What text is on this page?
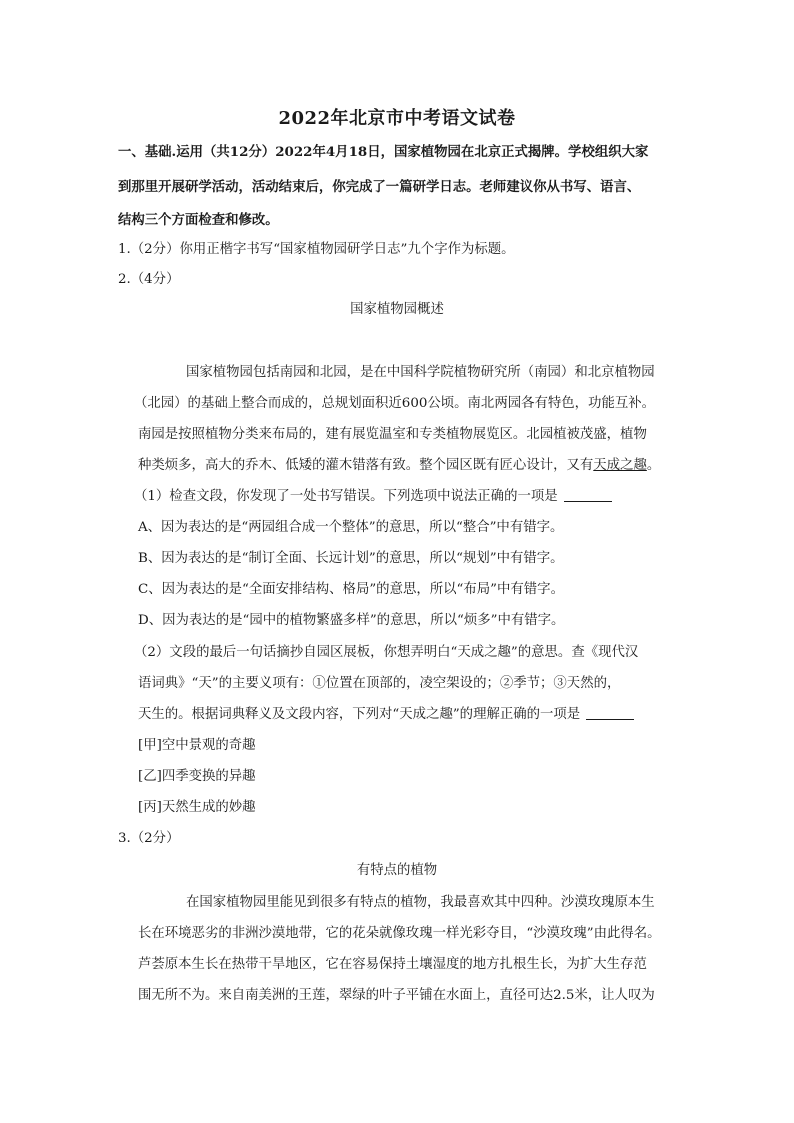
2022年北京市中考语文试卷
一、基础.运用（共12分）2022年4月18日，国家植物园在北京正式揭牌。学校组织大家
到那里开展研学活动，活动结束后，你完成了一篇研学日志。老师建议你从书写、语言、
结构三个方面检查和修改。
1.（2分）你用正楷字书写“国家植物园研学日志”九个字作为标题。
2.（4分）
国家植物园概述
国家植物园包括南园和北园，是在中国科学院植物研究所（南园）和北京植物园
（北园）的基础上整合而成的，总规划面积近600公顷。南北两园各有特色，功能互补。
南园是按照植物分类来布局的，建有展览温室和专类植物展览区。北园植被茂盛，植物
种类烦多，高大的乔木、低矮的灌木错落有致。整个园区既有匠心设计，又有天成之趣。
（1）检查文段，你发现了一处书写错误。下列选项中说法正确的一项是
A、因为表达的是“两园组合成一个整体”的意思，所以“整合”中有错字。
B、因为表达的是“制订全面、长远计划”的意思，所以“规划”中有错字。
C、因为表达的是“全面安排结构、格局”的意思，所以“布局”中有错字。
D、因为表达的是“园中的植物繁盛多样”的意思，所以“烦多”中有错字。
（2）文段的最后一句话摘抄自园区展板，你想弄明白“天成之趣”的意思。查《现代汉
语词典》“天”的主要义项有：①位置在顶部的，凌空架设的；②季节；③天然的，
天生的。根据词典释义及文段内容，下列对“天成之趣”的理解正确的一项是
[甲]空中景观的奇趣
[乙]四季变换的异趣
[丙]天然生成的妙趣
3.（2分）
有特点的植物
在国家植物园里能见到很多有特点的植物，我最喜欢其中四种。沙漠玫瑰原本生
长在环境恶劣的非洲沙漠地带，它的花朵就像玫瑰一样光彩夺目，“沙漠玫瑰”由此得名。
芦荟原本生长在热带干旱地区，它在容易保持土壤湿度的地方扎根生长，为扩大生存范
围无所不为。来自南美洲的王莲，翠绿的叶子平铺在水面上，直径可达2.5米，让人叹为
